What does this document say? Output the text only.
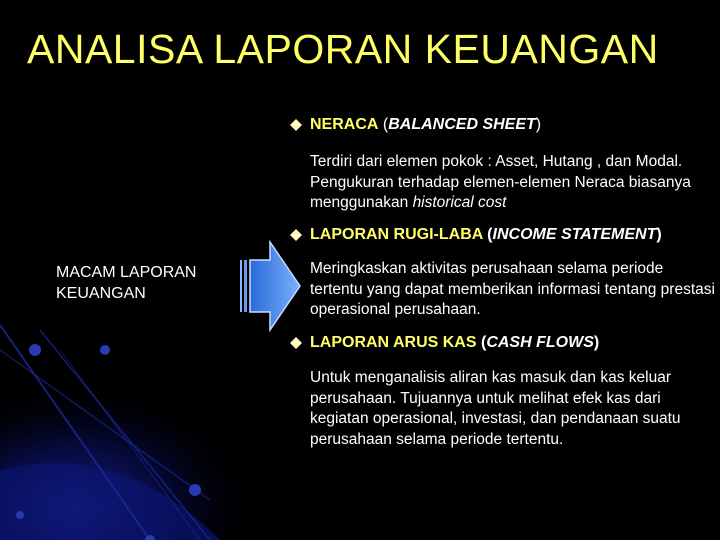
ANALISA LAPORAN KEUANGAN
NERACA (BALANCED SHEET)
Terdiri dari elemen pokok : Asset, Hutang , dan Modal. Pengukuran terhadap elemen-elemen Neraca biasanya menggunakan historical cost
LAPORAN RUGI-LABA (INCOME STATEMENT)
Meringkaskan aktivitas perusahaan selama periode tertentu yang dapat memberikan informasi tentang prestasi operasional perusahaan.
LAPORAN ARUS KAS (CASH FLOWS)
Untuk menganalisis aliran kas masuk dan kas keluar perusahaan. Tujuannya untuk melihat efek kas dari kegiatan operasional, investasi, dan pendanaan suatu perusahaan selama periode tertentu.
MACAM LAPORAN KEUANGAN
